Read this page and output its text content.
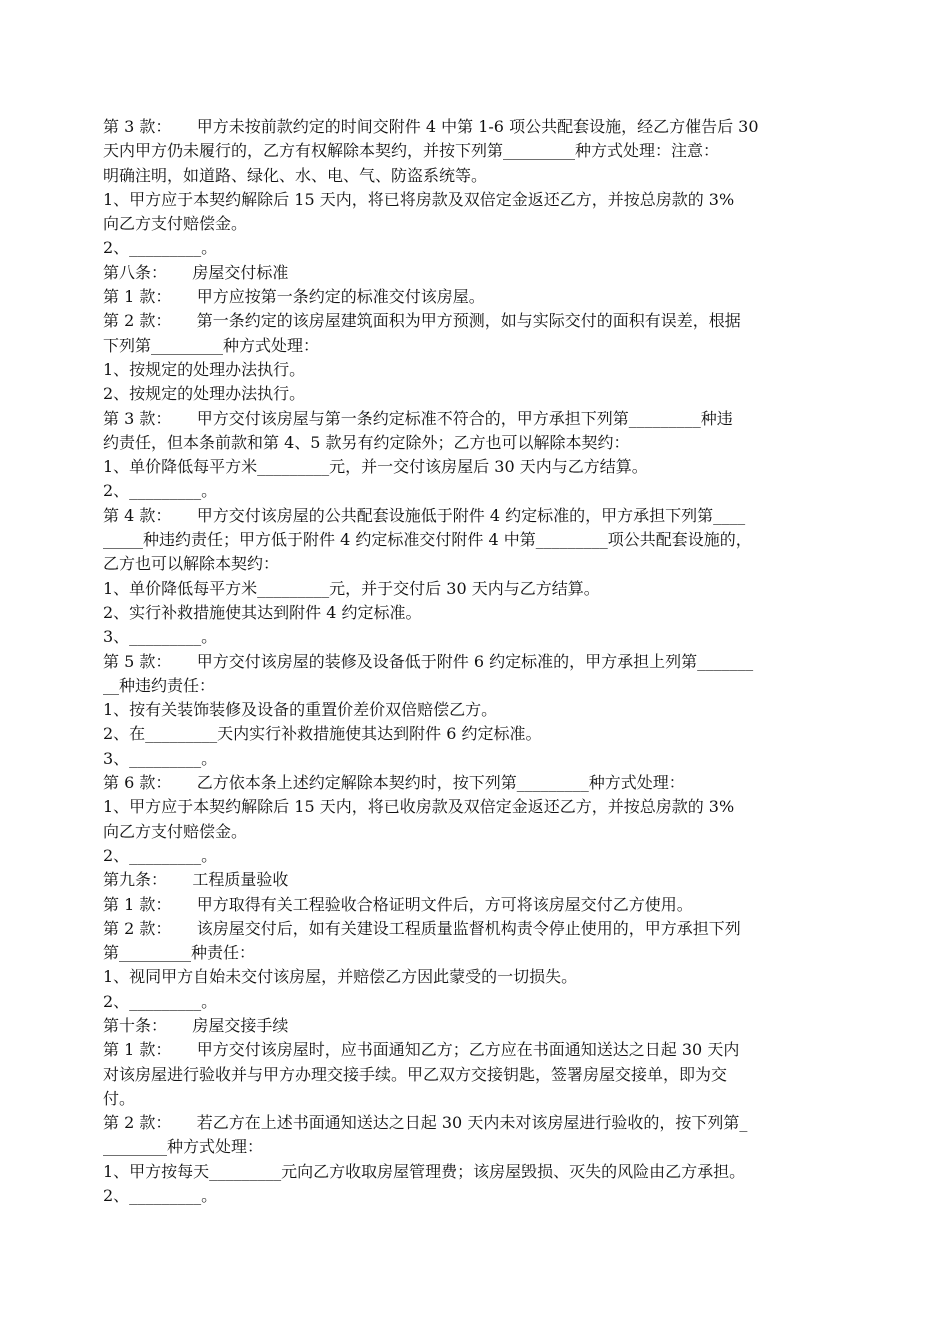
第 3 款：     甲方未按前款约定的时间交附件 4 中第 1-6 项公共配套设施，经乙方催告后 30
天内甲方仍未履行的，乙方有权解除本契约，并按下列第_________种方式处理：注意：
明确注明，如道路、绿化、水、电、气、防盗系统等。
1、甲方应于本契约解除后 15 天内，将已将房款及双倍定金返还乙方，并按总房款的 3%
向乙方支付赔偿金。
2、_________。
第八条：     房屋交付标准
第 1 款：     甲方应按第一条约定的标准交付该房屋。
第 2 款：     第一条约定的该房屋建筑面积为甲方预测，如与实际交付的面积有误差，根据
下列第_________种方式处理：
1、按规定的处理办法执行。
2、按规定的处理办法执行。
第 3 款：     甲方交付该房屋与第一条约定标准不符合的，甲方承担下列第_________种违
约责任，但本条前款和第 4、5 款另有约定除外；乙方也可以解除本契约：
1、单价降低每平方米_________元，并一交付该房屋后 30 天内与乙方结算。
2、_________。
第 4 款：     甲方交付该房屋的公共配套设施低于附件 4 约定标准的，甲方承担下列第____
_____种违约责任；甲方低于附件 4 约定标准交付附件 4 中第_________项公共配套设施的，
乙方也可以解除本契约：
1、单价降低每平方米_________元，并于交付后 30 天内与乙方结算。
2、实行补救措施使其达到附件 4 约定标准。
3、_________。
第 5 款：     甲方交付该房屋的装修及设备低于附件 6 约定标准的，甲方承担上列第_______
__种违约责任：
1、按有关装饰装修及设备的重置价差价双倍赔偿乙方。
2、在_________天内实行补救措施使其达到附件 6 约定标准。
3、_________。
第 6 款：     乙方依本条上述约定解除本契约时，按下列第_________种方式处理：
1、甲方应于本契约解除后 15 天内，将已收房款及双倍定金返还乙方，并按总房款的 3%
向乙方支付赔偿金。
2、_________。
第九条：     工程质量验收
第 1 款：     甲方取得有关工程验收合格证明文件后，方可将该房屋交付乙方使用。
第 2 款：     该房屋交付后，如有关建设工程质量监督机构责令停止使用的，甲方承担下列
第_________种责任：
1、视同甲方自始未交付该房屋，并赔偿乙方因此蒙受的一切损失。
2、_________。
第十条：     房屋交接手续
第 1 款：     甲方交付该房屋时，应书面通知乙方；乙方应在书面通知送达之日起 30 天内
对该房屋进行验收并与甲方办理交接手续。甲乙双方交接钥匙，签署房屋交接单，即为交
付。
第 2 款：     若乙方在上述书面通知送达之日起 30 天内未对该房屋进行验收的，按下列第_
________种方式处理：
1、甲方按每天_________元向乙方收取房屋管理费；该房屋毁损、灭失的风险由乙方承担。
2、_________。
